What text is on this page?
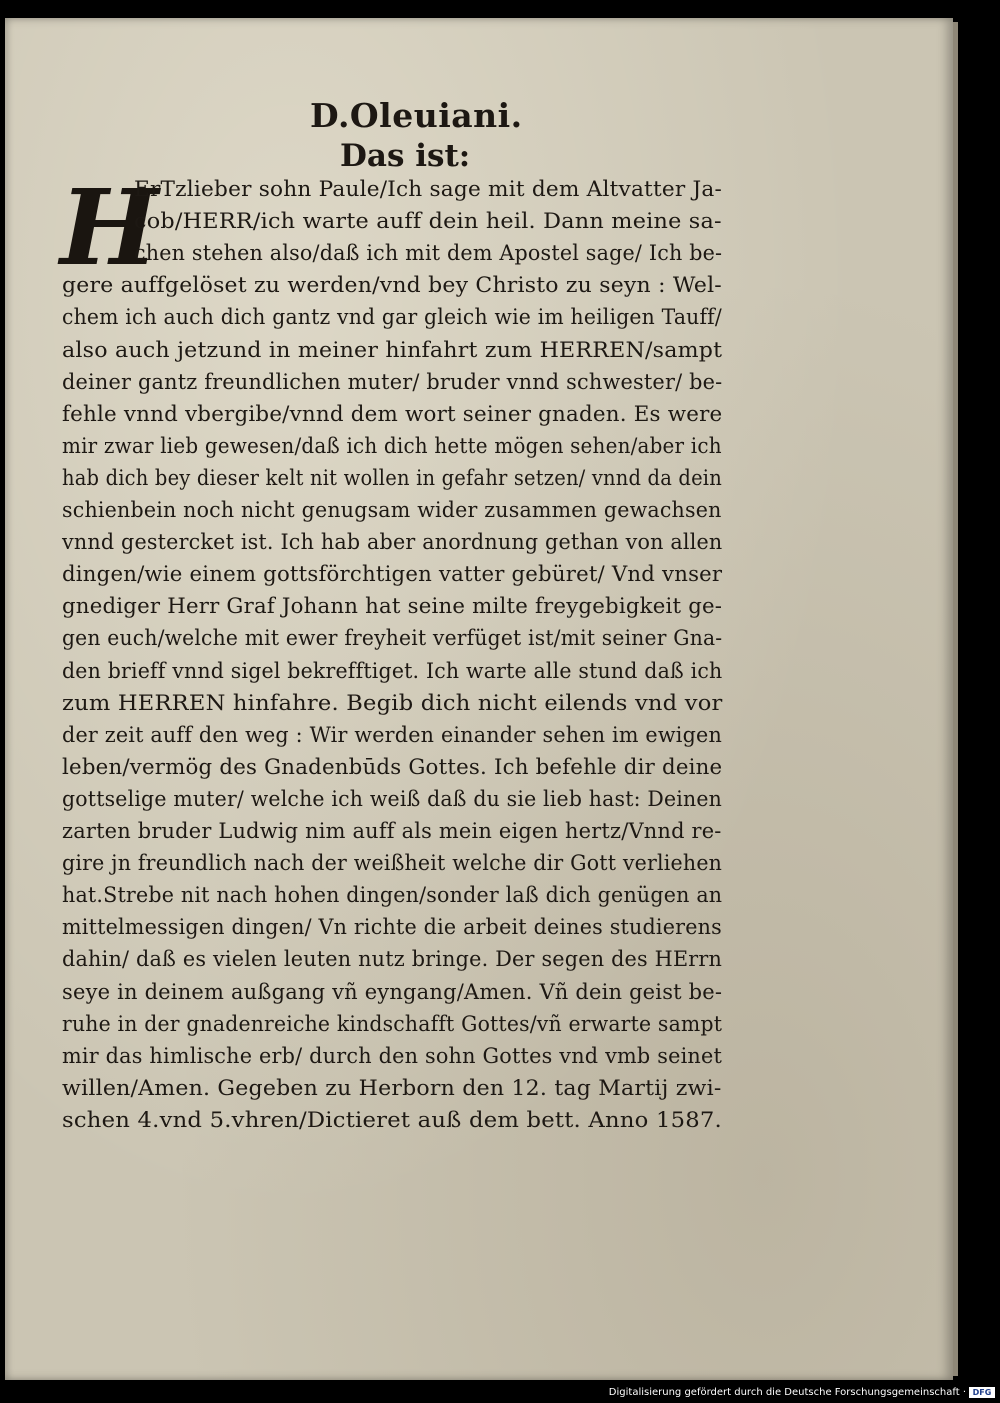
D.Oleuiani.
Das ist:
H
ErTzlieber sohn Paule/Ich sage mit dem Altvatter Ja-
cob/HERR/ich warte auff dein heil. Dann meine sa-
chen stehen also/daß ich mit dem Apostel sage/ Ich be-
gere auffgelöset zu werden/vnd bey Christo zu seyn : Wel-
chem ich auch dich gantz vnd gar gleich wie im heiligen Tauff/
also auch jetzund in meiner hinfahrt zum HERREN/sampt
deiner gantz freundlichen muter/ bruder vnnd schwester/ be-
fehle vnnd vbergibe/vnnd dem wort seiner gnaden. Es were
mir zwar lieb gewesen/daß ich dich hette mögen sehen/aber ich
hab dich bey dieser kelt nit wollen in gefahr setzen/ vnnd da dein
schienbein noch nicht genugsam wider zusammen gewachsen
vnnd gestercket ist. Ich hab aber anordnung gethan von allen
dingen/wie einem gottsförchtigen vatter gebüret/ Vnd vnser
gnediger Herr Graf Johann hat seine milte freygebigkeit ge-
gen euch/welche mit ewer freyheit verfüget ist/mit seiner Gna-
den brieff vnnd sigel bekrefftiget. Ich warte alle stund daß ich
zum HERREN hinfahre. Begib dich nicht eilends vnd vor
der zeit auff den weg : Wir werden einander sehen im ewigen
leben/vermög des Gnadenbūds Gottes. Ich befehle dir deine
gottselige muter/ welche ich weiß daß du sie lieb hast: Deinen
zarten bruder Ludwig nim auff als mein eigen hertz/Vnnd re-
gire jn freundlich nach der weißheit welche dir Gott verliehen
hat.Strebe nit nach hohen dingen/sonder laß dich genügen an
mittelmessigen dingen/ Vn richte die arbeit deines studierens
dahin/ daß es vielen leuten nutz bringe. Der segen des HErrn
seye in deinem außgang vñ eyngang/Amen. Vñ dein geist be-
ruhe in der gnadenreiche kindschafft Gottes/vñ erwarte sampt
mir das himlische erb/ durch den sohn Gottes vnd vmb seinet
willen/Amen. Gegeben zu Herborn den 12. tag Martij zwi-
schen 4.vnd 5.vhren/Dictieret auß dem bett. Anno 1587.
Digitalisierung gefördert durch die Deutsche Forschungsgemeinschaft · DFG
